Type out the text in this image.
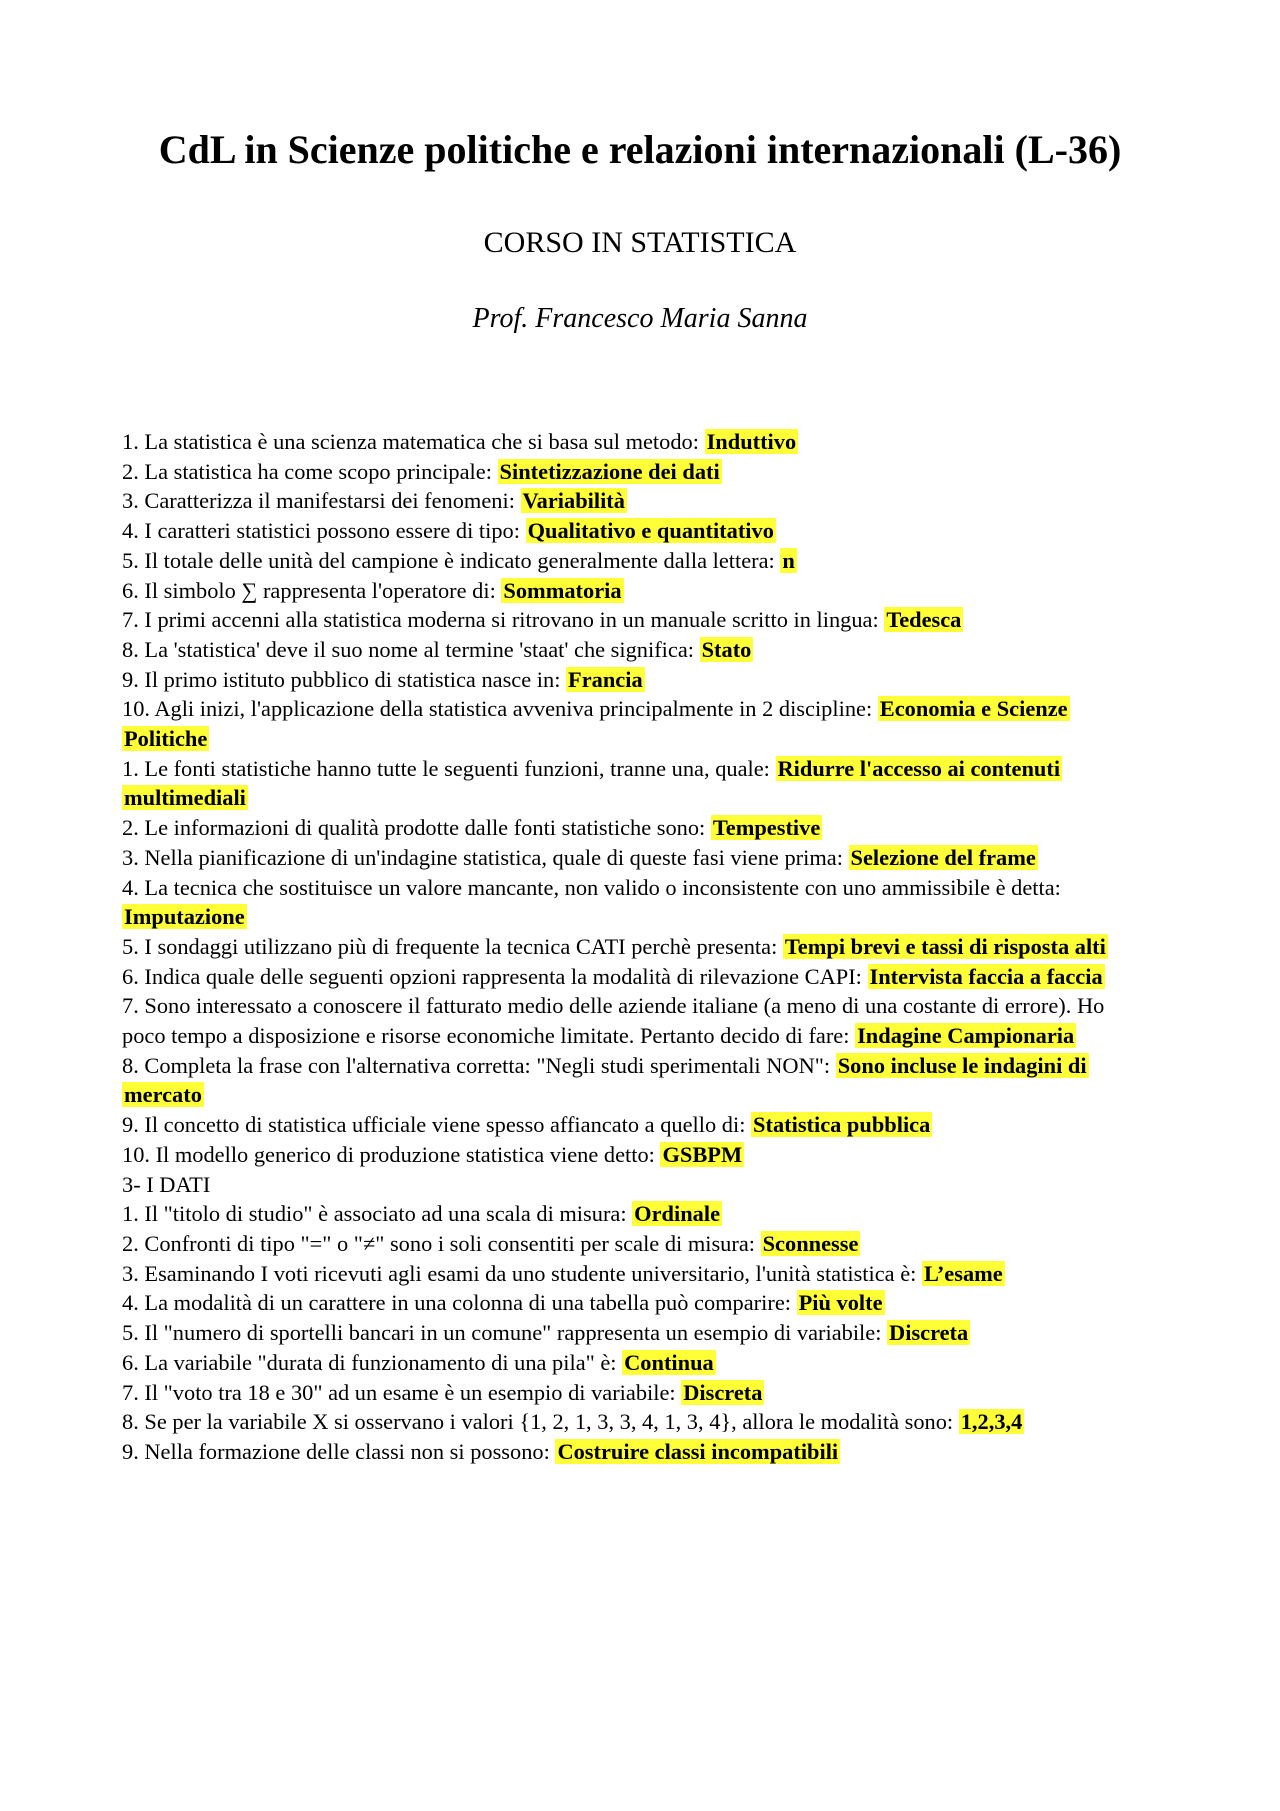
CdL in Scienze politiche e relazioni internazionali (L-36)

CORSO IN STATISTICA

Prof. Francesco Maria Sanna

1. La statistica è una scienza matematica che si basa sul metodo: Induttivo

2. La statistica ha come scopo principale: Sintetizzazione dei dati

3. Caratterizza il manifestarsi dei fenomeni: Variabilità

4. I caratteri statistici possono essere di tipo: Qualitativo e quantitativo

5. Il totale delle unità del campione è indicato generalmente dalla lettera: n

6. Il simbolo ∑ rappresenta l'operatore di: Sommatoria

7. I primi accenni alla statistica moderna si ritrovano in un manuale scritto in lingua: Tedesca

8. La 'statistica' deve il suo nome al termine 'staat' che significa: Stato

9. Il primo istituto pubblico di statistica nasce in: Francia

10. Agli inizi, l'applicazione della statistica avveniva principalmente in 2 discipline: Economia e Scienze Politiche

1. Le fonti statistiche hanno tutte le seguenti funzioni, tranne una, quale: Ridurre l'accesso ai contenuti multimediali

2. Le informazioni di qualità prodotte dalle fonti statistiche sono: Tempestive

3. Nella pianificazione di un'indagine statistica, quale di queste fasi viene prima: Selezione del frame

4. La tecnica che sostituisce un valore mancante, non valido o inconsistente con uno ammissibile è detta: Imputazione

5. I sondaggi utilizzano più di frequente la tecnica CATI perchè presenta: Tempi brevi e tassi di risposta alti

6. Indica quale delle seguenti opzioni rappresenta la modalità di rilevazione CAPI: Intervista faccia a faccia

7. Sono interessato a conoscere il fatturato medio delle aziende italiane (a meno di una costante di errore). Ho poco tempo a disposizione e risorse economiche limitate. Pertanto decido di fare: Indagine Campionaria

8. Completa la frase con l'alternativa corretta: "Negli studi sperimentali NON": Sono incluse le indagini di mercato

9. Il concetto di statistica ufficiale viene spesso affiancato a quello di: Statistica pubblica

10. Il modello generico di produzione statistica viene detto: GSBPM

3- I DATI

1. Il "titolo di studio" è associato ad una scala di misura: Ordinale

2. Confronti di tipo "=" o "≠" sono i soli consentiti per scale di misura: Sconnesse

3. Esaminando I voti ricevuti agli esami da uno studente universitario, l'unità statistica è: L’esame

4. La modalità di un carattere in una colonna di una tabella può comparire: Più volte

5. Il "numero di sportelli bancari in un comune" rappresenta un esempio di variabile: Discreta

6. La variabile "durata di funzionamento di una pila" è: Continua

7. Il "voto tra 18 e 30" ad un esame è un esempio di variabile: Discreta

8. Se per la variabile X si osservano i valori {1, 2, 1, 3, 3, 4, 1, 3, 4}, allora le modalità sono: 1,2,3,4

9. Nella formazione delle classi non si possono: Costruire classi incompatibili
